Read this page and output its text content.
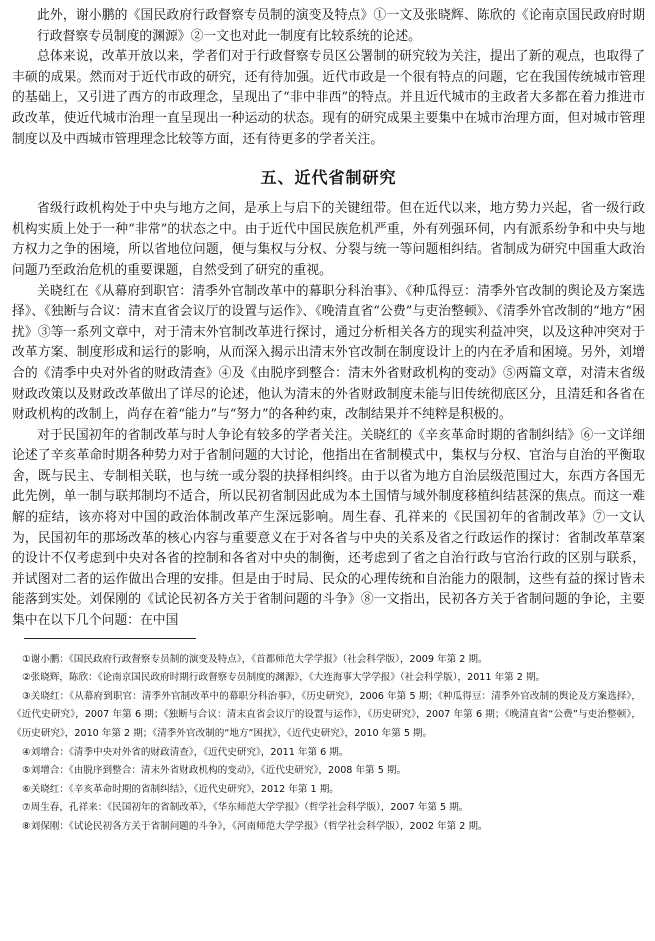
此外，谢小鹏的《国民政府行政督察专员制的演变及特点》①一文及张晓辉、陈欣的《论南京国民政府时期行政督察专员制度的渊源》②一文也对此一制度有比较系统的论述。

总体来说，改革开放以来，学者们对于行政督察专员区公署制的研究较为关注，提出了新的观点，也取得了丰硕的成果。然而对于近代市政的研究，还有待加强。近代市政是一个很有特点的问题，它在我国传统城市管理的基础上，又引进了西方的市政理念，呈现出了“非中非西”的特点。并且近代城市的主政者大多都在着力推进市政改革，使近代城市治理一直呈现出一种运动的状态。现有的研究成果主要集中在城市治理方面，但对城市管理制度以及中西城市管理理念比较等方面，还有待更多的学者关注。

五、近代省制研究

省级行政机构处于中央与地方之间，是承上与启下的关键纽带。但在近代以来，地方势力兴起，省一级行政机构实质上处于一种“非常”的状态之中。由于近代中国民族危机严重，外有列强环伺，内有派系纷争和中央与地方权力之争的困境，所以省地位问题，便与集权与分权、分裂与统一等问题相纠结。省制成为研究中国重大政治问题乃至政治危机的重要课题，自然受到了研究的重视。

关晓红在《从幕府到职官：清季外官制改革中的幕职分科治事》、《种瓜得豆：清季外官改制的舆论及方案选择》、《独断与合议：清末直省会议厅的设置与运作》、《晚清直省“公费”与吏治整顿》、《清季外官改制的“地方”困扰》③等一系列文章中，对于清末外官制改革进行探讨，通过分析相关各方的现实利益冲突，以及这种冲突对于改革方案、制度形成和运行的影响，从而深入揭示出清末外官改制在制度设计上的内在矛盾和困境。另外，刘增合的《清季中央对外省的财政清查》④及《由脱序到整合：清末外省财政机构的变动》⑤两篇文章，对清末省级财政改策以及财政改革做出了详尽的论述，他认为清末的外省财政制度未能与旧传统彻底区分，且清廷和各省在财政机构的改制上，尚存在着“能力”与“努力”的各种约束，改制结果并不纯粹是积极的。

对于民国初年的省制改革与时人争论有较多的学者关注。关晓红的《辛亥革命时期的省制纠结》⑥一文详细论述了辛亥革命时期各种势力对于省制问题的大讨论，他指出在省制模式中，集权与分权、官治与自治的平衡取舍，既与民主、专制相关联，也与统一或分裂的抉择相纠终。由于以省为地方自治层级范围过大，东西方各国无此先例，单一制与联邦制均不适合，所以民初省制因此成为本土国情与域外制度移植纠结甚深的焦点。而这一难解的症结，该亦将对中国的政治体制改革产生深远影响。周生春、孔祥来的《民国初年的省制改革》⑦一文认为，民国初年的那场改革的核心内容与重要意义在于对各省与中央的关系及省之行政运作的探讨：省制改革草案的设计不仅考虑到中央对各省的控制和各省对中央的制衡，还考虑到了省之自治行政与官治行政的区别与联系，并试图对二者的运作做出合理的安排。但是由于时局、民众的心理传统和自治能力的限制，这些有益的探讨皆未能落到实处。刘保刚的《试论民初各方关于省制问题的斗争》⑧一文指出，民初各方关于省制问题的争论，主要集中在以下几个问题：在中国

①谢小鹏：《国民政府行政督察专员制的演变及特点》，《首都师范大学学报》（社会科学版），2009 年第 2 期。

②张晓辉，陈欣：《论南京国民政府时期行政督察专员制度的渊源》，《大连海事大学学报》（社会科学版），2011 年第 2 期。

③关晓红：《从幕府到职官：清季外官制改革中的幕职分科治事》，《历史研究》，2006 年第 5 期；《种瓜得豆：清季外官改制的舆论及方案选择》，《近代史研究》，2007 年第 6 期；《独断与合议：清末直省会议厅的设置与运作》，《历史研究》，2007 年第 6 期；《晚清直省“公费”与吏治整顿》，《历史研究》，2010 年第 2 期；《清季外官改制的“地方”困扰》，《近代史研究》，2010 年第 5 期。

④刘增合：《清季中央对外省的财政清查》，《近代史研究》，2011 年第 6 期。

⑤刘增合：《由脱序到整合：清末外省财政机构的变动》，《近代史研究》，2008 年第 5 期。

⑥关晓红：《辛亥革命时期的省制纠结》，《近代史研究》，2012 年第 1 期。

⑦周生春，孔祥来：《民国初年的省制改革》，《华东师范大学学报》（哲学社会科学版），2007 年第 5 期。

⑧刘保刚：《试论民初各方关于省制问题的斗争》，《河南师范大学学报》（哲学社会科学版），2002 年第 2 期。
